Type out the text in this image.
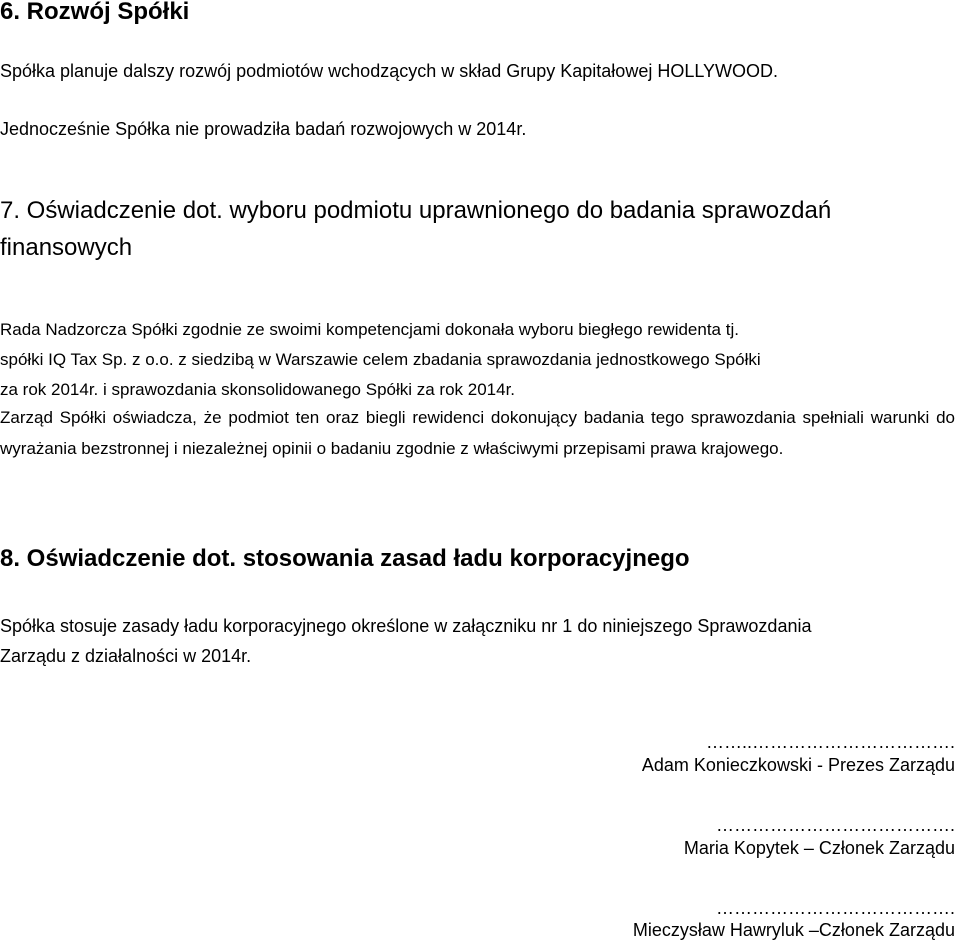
6. Rozwój Spółki
Spółka planuje dalszy rozwój podmiotów wchodzących w skład Grupy Kapitałowej HOLLYWOOD.
Jednocześnie Spółka nie prowadziła badań rozwojowych w 2014r.
7. Oświadczenie dot. wyboru podmiotu uprawnionego do badania sprawozdań
finansowych
Rada Nadzorcza Spółki zgodnie ze swoimi kompetencjami dokonała wyboru biegłego rewidenta tj.
spółki IQ Tax Sp. z o.o. z siedzibą w Warszawie celem zbadania sprawozdania jednostkowego Spółki
za rok 2014r. i sprawozdania skonsolidowanego Spółki za rok 2014r.
Zarząd Spółki oświadcza, że podmiot ten oraz biegli rewidenci dokonujący badania tego sprawozdania spełniali warunki do wyrażania bezstronnej i niezależnej opinii o badaniu zgodnie z właściwymi przepisami prawa krajowego.
8. Oświadczenie dot. stosowania zasad ładu korporacyjnego
Spółka stosuje zasady ładu korporacyjnego określone w załączniku nr 1 do niniejszego Sprawozdania
Zarządu z działalności w 2014r.
……..…………………………….
Adam Konieczkowski - Prezes Zarządu
………………………………….
Maria Kopytek – Członek Zarządu
………………………………….
Mieczysław Hawryluk –Członek Zarządu
